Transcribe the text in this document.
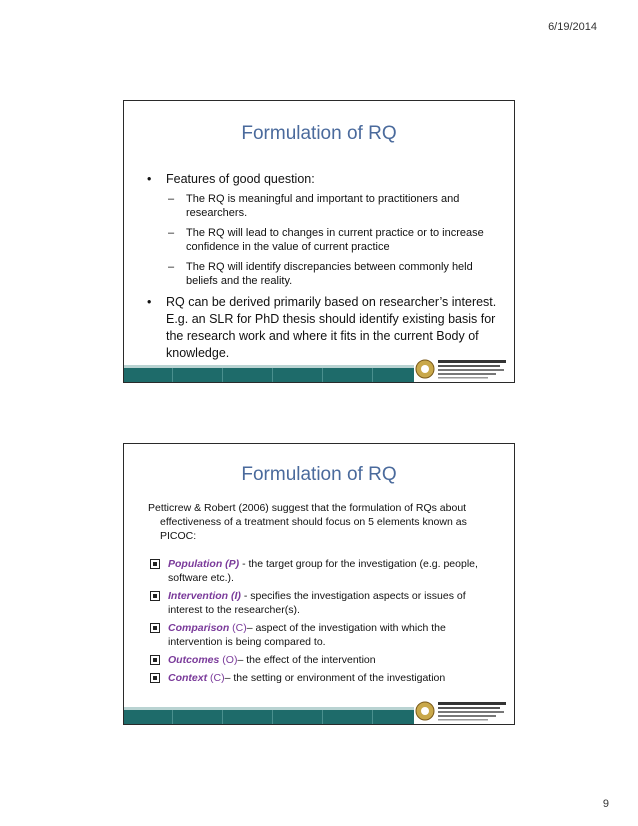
6/19/2014
Formulation of RQ
• Features of good question:
– The RQ is meaningful and important to practitioners and researchers.
– The RQ will lead to changes in current practice or to increase confidence in the value of current practice
– The RQ will identify discrepancies between commonly held beliefs and the reality.
• RQ can be derived primarily based on researcher’s interest. E.g. an SLR for PhD thesis should identify existing basis for the research work and where it fits in the current Body of knowledge.
Formulation of RQ
Petticrew & Robert (2006) suggest that the formulation of RQs about effectiveness of a treatment should focus on 5 elements known as PICOC:
Population (P) - the target group for the investigation (e.g. people, software etc.).
Intervention (I) - specifies the investigation aspects or issues of interest to the researcher(s).
Comparison (C)– aspect of the investigation with which the intervention is being compared to.
Outcomes (O)– the effect of the intervention
Context (C)– the setting or environment of the investigation
9
